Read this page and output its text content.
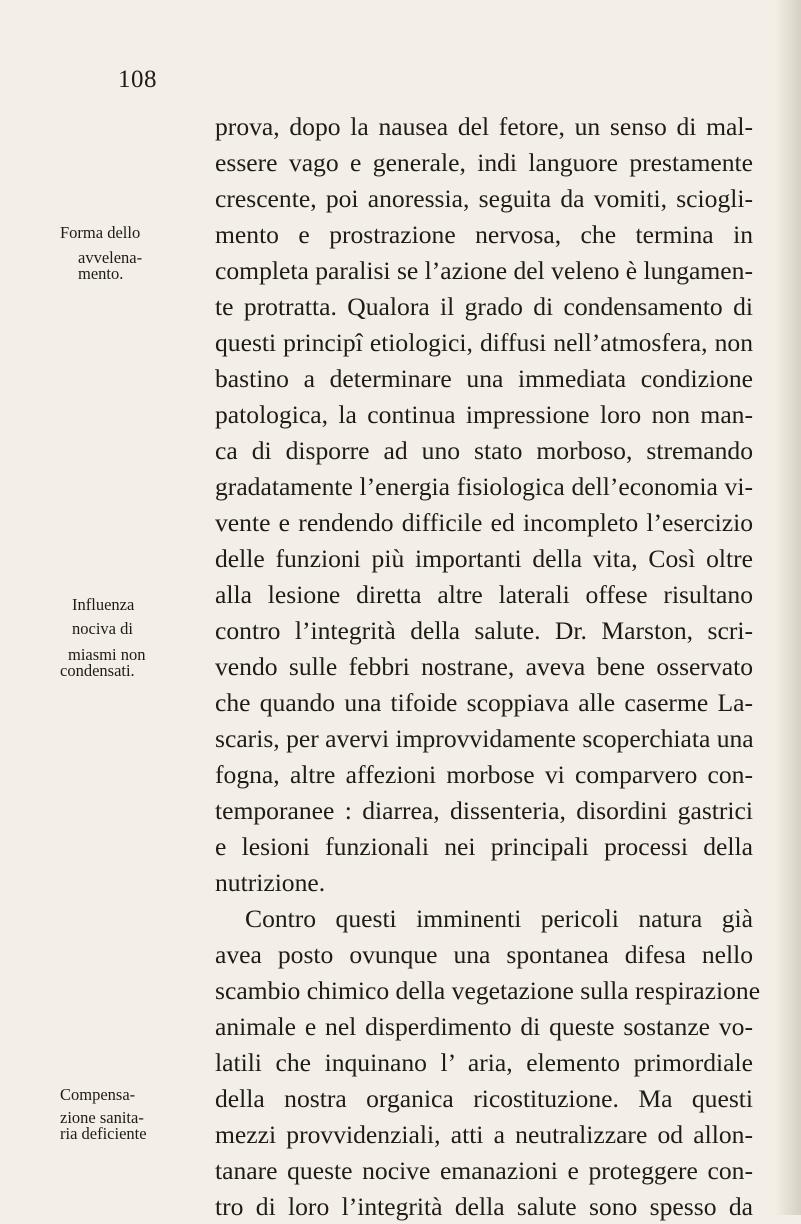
108
prova, dopo la nausea del fetore, un senso di mal-
essere vago e generale, indi languore prestamente
crescente, poi anoressia, seguita da vomiti, sciogli-
mento e prostrazione nervosa, che termina in
completa paralisi se l’azione del veleno è lungamen-
te protratta. Qualora il grado di condensamento di
questi principî etiologici, diffusi nell’atmosfera, non
bastino a determinare una immediata condizione
patologica, la continua impressione loro non man-
ca di disporre ad uno stato morboso, stremando
gradatamente l’energia fisiologica dell’economia vi-
vente e rendendo difficile ed incompleto l’esercizio
delle funzioni più importanti della vita, Così oltre
alla lesione diretta altre laterali offese risultano
contro l’integrità della salute. Dr. Marston, scri-
vendo sulle febbri nostrane, aveva bene osservato
che quando una tifoide scoppiava alle caserme La-
scaris, per avervi improvvidamente scoperchiata una
fogna, altre affezioni morbose vi comparvero con-
temporanee : diarrea, dissenteria, disordini gastrici
e lesioni funzionali nei principali processi della
nutrizione.
Contro questi imminenti pericoli natura già
avea posto ovunque una spontanea difesa nello
scambio chimico della vegetazione sulla respirazione
animale e nel disperdimento di queste sostanze vo-
latili che inquinano l’ aria, elemento primordiale
della nostra organica ricostituzione. Ma questi
mezzi provvidenziali, atti a neutralizzare od allon-
tanare queste nocive emanazioni e proteggere con-
tro di loro l’integrità della salute sono spesso da
Forma dello
avvelena-
mento.
Influenza
nociva di
miasmi non
condensati.
Compensa-
zione sanita-
ria deficiente
